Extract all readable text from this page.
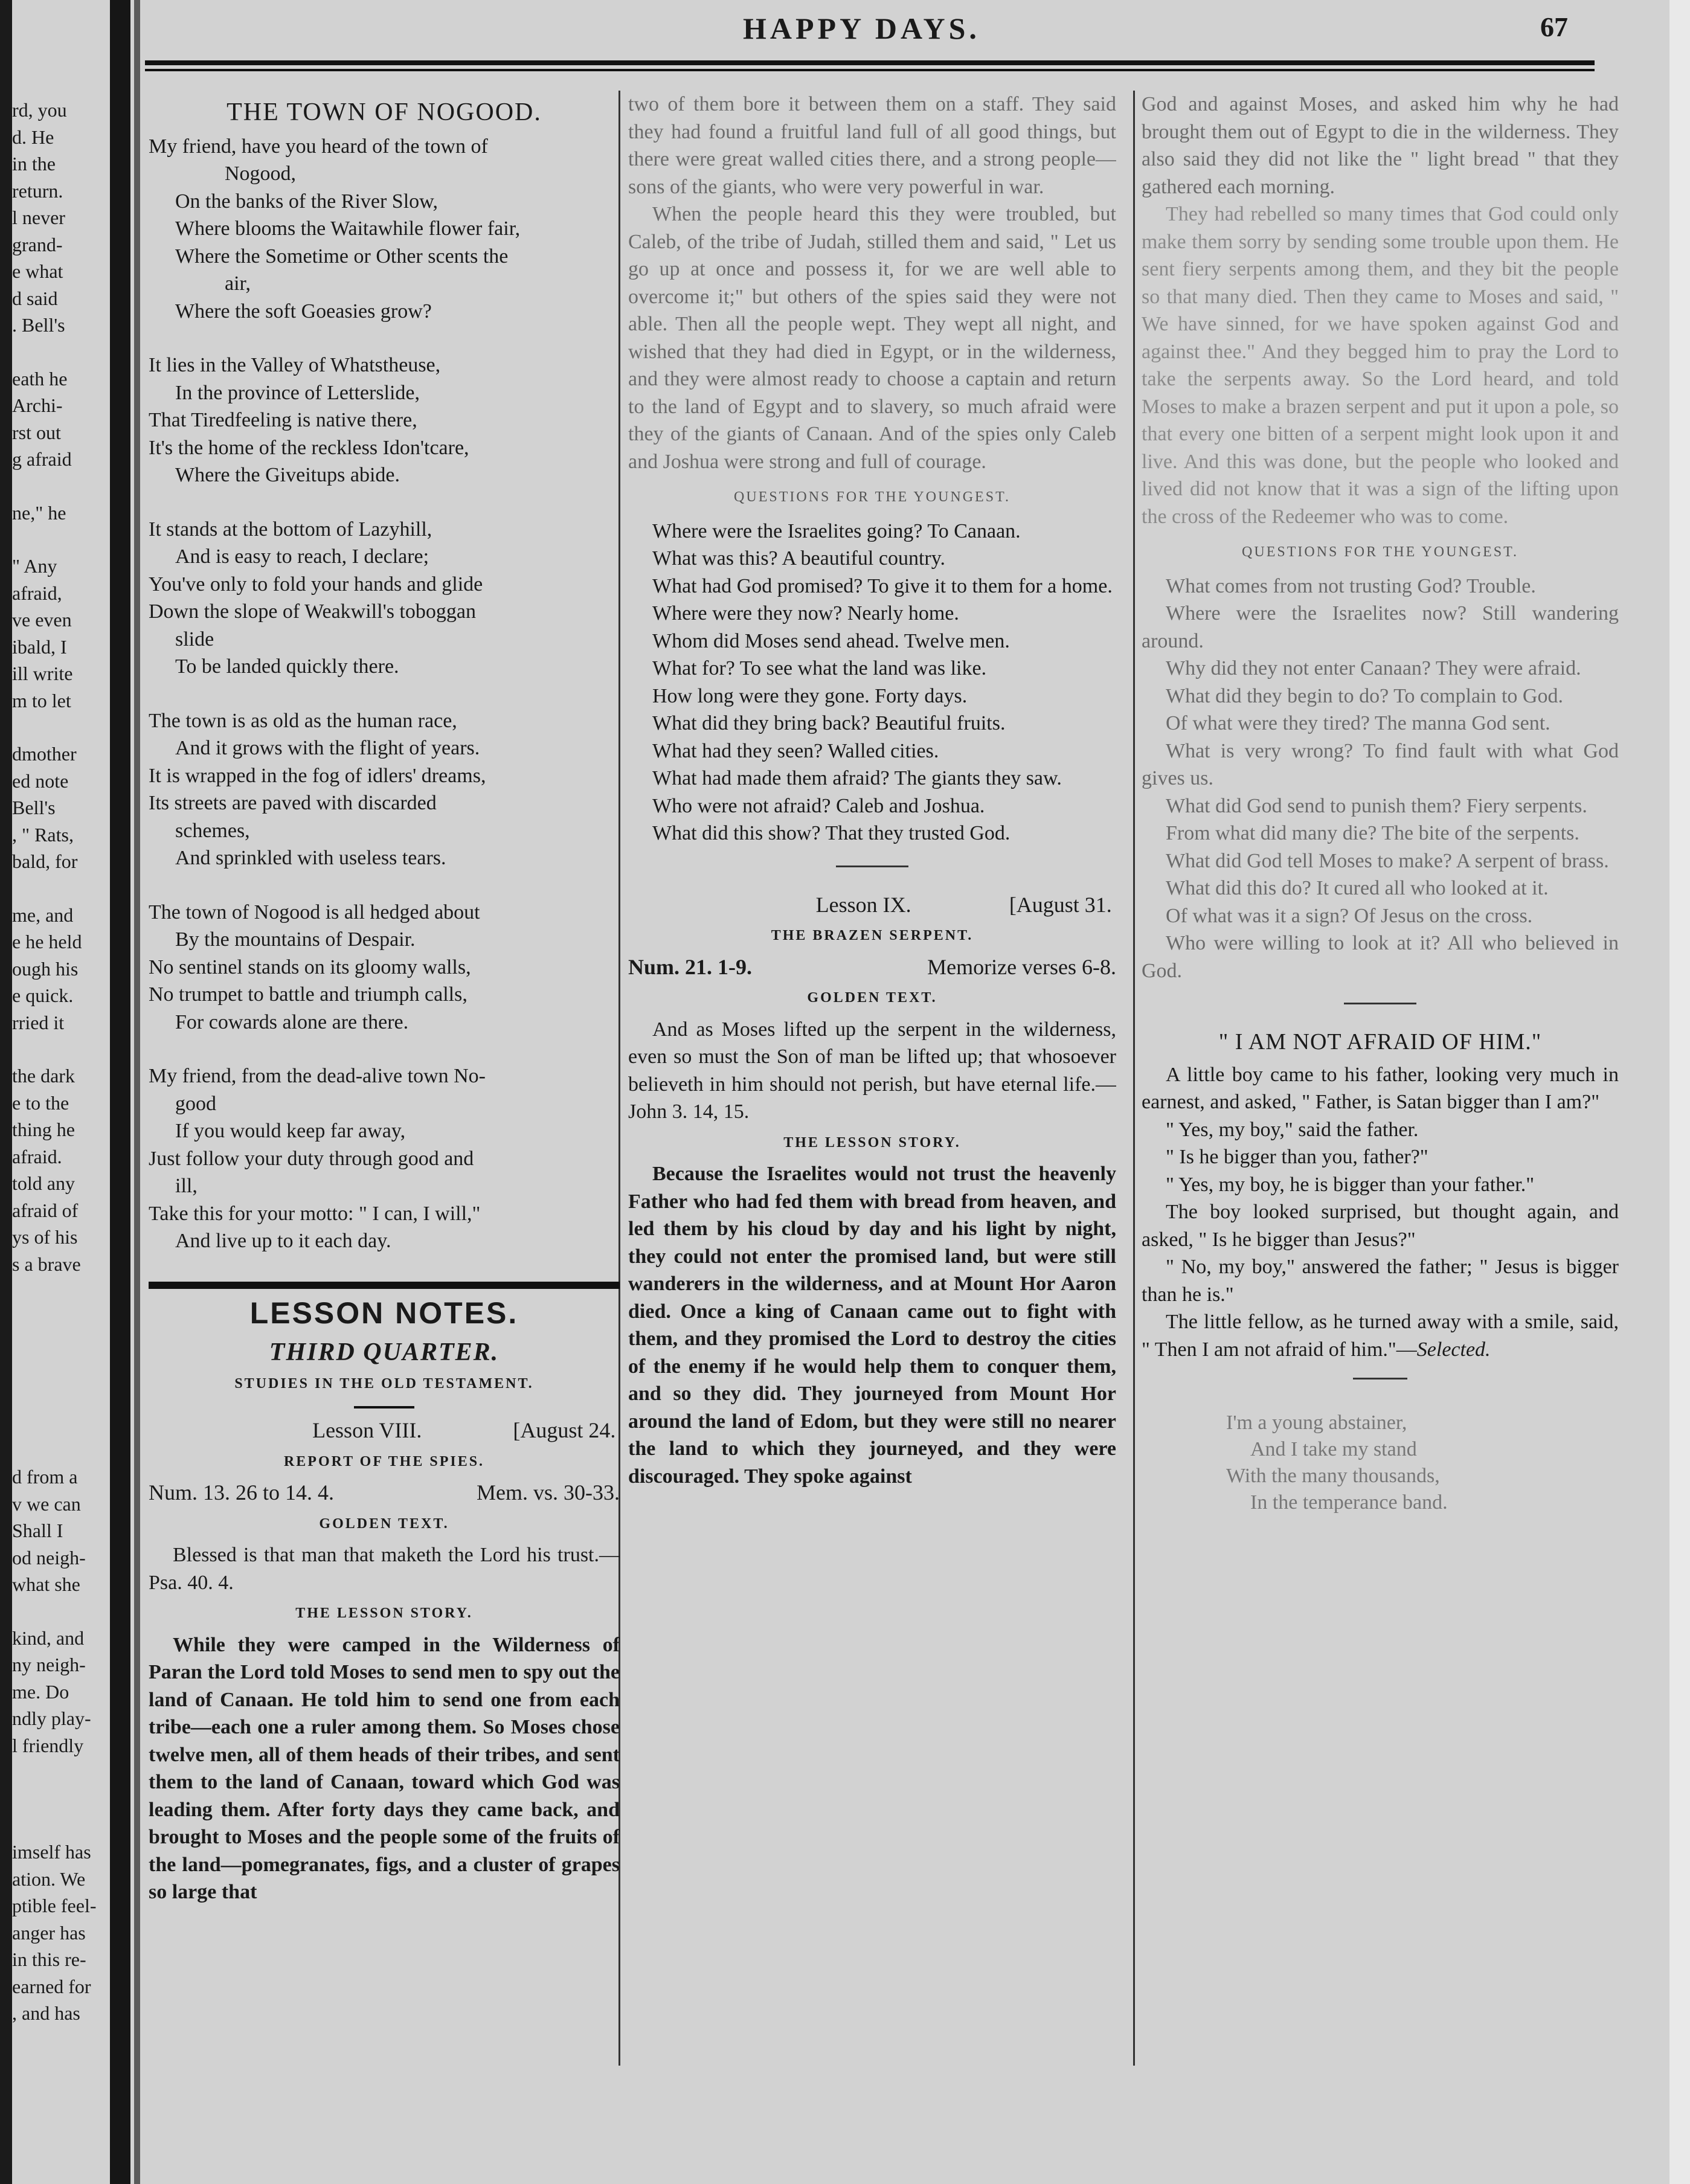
rd, you
d. He
in the
return.
l never
grand-
e what
d said
. Bell's
eath he
Archi-
rst out
g afraid
ne," he
" Any
afraid,
ve even
ibald, I
ill write
m to let
dmother
ed note
Bell's
, " Rats,
bald, for
me, and
e he held
ough his
e quick.
rried it
the dark
e to the
thing he
afraid.
told any
afraid of
ys of his
s a brave
d from a
v we can
Shall I
od neigh-
what she
kind, and
ny neigh-
me. Do
ndly play-
l friendly
imself has
ation. We
ptible feel-
anger has
in this re-
earned for
, and has
HAPPY DAYS.	67
THE TOWN OF NOGOOD.
My friend, have you heard of the town of
Nogood,
On the banks of the River Slow,
Where blooms the Waitawhile flower fair,
Where the Sometime or Other scents the
air,
Where the soft Goeasies grow?
It lies in the Valley of Whatstheuse,
In the province of Letterslide,
That Tiredfeeling is native there,
It's the home of the reckless Idon'tcare,
Where the Giveitups abide.
It stands at the bottom of Lazyhill,
And is easy to reach, I declare;
You've only to fold your hands and glide
Down the slope of Weakwill's toboggan
slide
To be landed quickly there.
The town is as old as the human race,
And it grows with the flight of years.
It is wrapped in the fog of idlers' dreams,
Its streets are paved with discarded
schemes,
And sprinkled with useless tears.
The town of Nogood is all hedged about
By the mountains of Despair.
No sentinel stands on its gloomy walls,
No trumpet to battle and triumph calls,
For cowards alone are there.
My friend, from the dead-alive town No-
good
If you would keep far away,
Just follow your duty through good and
ill,
Take this for your motto: " I can, I will,"
And live up to it each day.
LESSON NOTES.
THIRD QUARTER.
STUDIES IN THE OLD TESTAMENT.
Lesson VIII.	[August 24.
REPORT OF THE SPIES.
Num. 13. 26 to 14. 4.	Mem. vs. 30-33.
GOLDEN TEXT.

Blessed is that man that maketh the Lord his trust.—Psa. 40. 4.

THE LESSON STORY.

While they were camped in the Wilderness of Paran the Lord told Moses to send men to spy out the land of Canaan. He told him to send one from each tribe—each one a ruler among them. So Moses chose twelve men, all of them heads of their tribes, and sent them to the land of Canaan, toward which God was leading them. After forty days they came back, and brought to Moses and the people some of the fruits of the land—pomegranates, figs, and a cluster of grapes so large that

two of them bore it between them on a staff. They said they had found a fruitful land full of all good things, but there were great walled cities there, and a strong people—sons of the giants, who were very powerful in war.

When the people heard this they were troubled, but Caleb, of the tribe of Judah, stilled them and said, " Let us go up at once and possess it, for we are well able to overcome it;" but others of the spies said they were not able. Then all the people wept. They wept all night, and wished that they had died in Egypt, or in the wilderness, and they were almost ready to choose a captain and return to the land of Egypt and to slavery, so much afraid were they of the giants of Canaan. And of the spies only Caleb and Joshua were strong and full of courage.

QUESTIONS FOR THE YOUNGEST.

Where were the Israelites going? To Canaan.

What was this? A beautiful country.

What had God promised? To give it to them for a home.

Where were they now? Nearly home.

Whom did Moses send ahead. Twelve men.

What for? To see what the land was like.

How long were they gone. Forty days.

What did they bring back? Beautiful fruits.

What had they seen? Walled cities.

What had made them afraid? The giants they saw.

Who were not afraid? Caleb and Joshua.

What did this show? That they trusted God.

Lesson IX.	[August 31.
THE BRAZEN SERPENT.
Num. 21. 1-9.	Memorize verses 6-8.
GOLDEN TEXT.

And as Moses lifted up the serpent in the wilderness, even so must the Son of man be lifted up; that whosoever believeth in him should not perish, but have eternal life.—John 3. 14, 15.

THE LESSON STORY.

Because the Israelites would not trust the heavenly Father who had fed them with bread from heaven, and led them by his cloud by day and his light by night, they could not enter the promised land, but were still wanderers in the wilderness, and at Mount Hor Aaron died. Once a king of Canaan came out to fight with them, and they promised the Lord to destroy the cities of the enemy if he would help them to conquer them, and so they did. They journeyed from Mount Hor around the land of Edom, but they were still no nearer the land to which they journeyed, and they were discouraged. They spoke against

God and against Moses, and asked him why he had brought them out of Egypt to die in the wilderness. They also said they did not like the " light bread " that they gathered each morning.

They had rebelled so many times that God could only make them sorry by sending some trouble upon them. He sent fiery serpents among them, and they bit the people so that many died. Then they came to Moses and said, " We have sinned, for we have spoken against God and against thee." And they begged him to pray the Lord to take the serpents away. So the Lord heard, and told Moses to make a brazen serpent and put it upon a pole, so that every one bitten of a serpent might look upon it and live. And this was done, but the people who looked and lived did not know that it was a sign of the lifting upon the cross of the Redeemer who was to come.

QUESTIONS FOR THE YOUNGEST.

What comes from not trusting God? Trouble.

Where were the Israelites now? Still wandering around.

Why did they not enter Canaan? They were afraid.

What did they begin to do? To complain to God.

Of what were they tired? The manna God sent.

What is very wrong? To find fault with what God gives us.

What did God send to punish them? Fiery serpents.

From what did many die? The bite of the serpents.

What did God tell Moses to make? A serpent of brass.

What did this do? It cured all who looked at it.

Of what was it a sign? Of Jesus on the cross.

Who were willing to look at it? All who believed in God.

" I AM NOT AFRAID OF HIM."

A little boy came to his father, looking very much in earnest, and asked, " Father, is Satan bigger than I am?"

" Yes, my boy," said the father.

" Is he bigger than you, father?"

" Yes, my boy, he is bigger than your father."

The boy looked surprised, but thought again, and asked, " Is he bigger than Jesus?"

" No, my boy," answered the father; " Jesus is bigger than he is."

The little fellow, as he turned away with a smile, said, " Then I am not afraid of him."—Selected.

I'm a young abstainer,
And I take my stand
With the many thousands,
In the temperance band.
